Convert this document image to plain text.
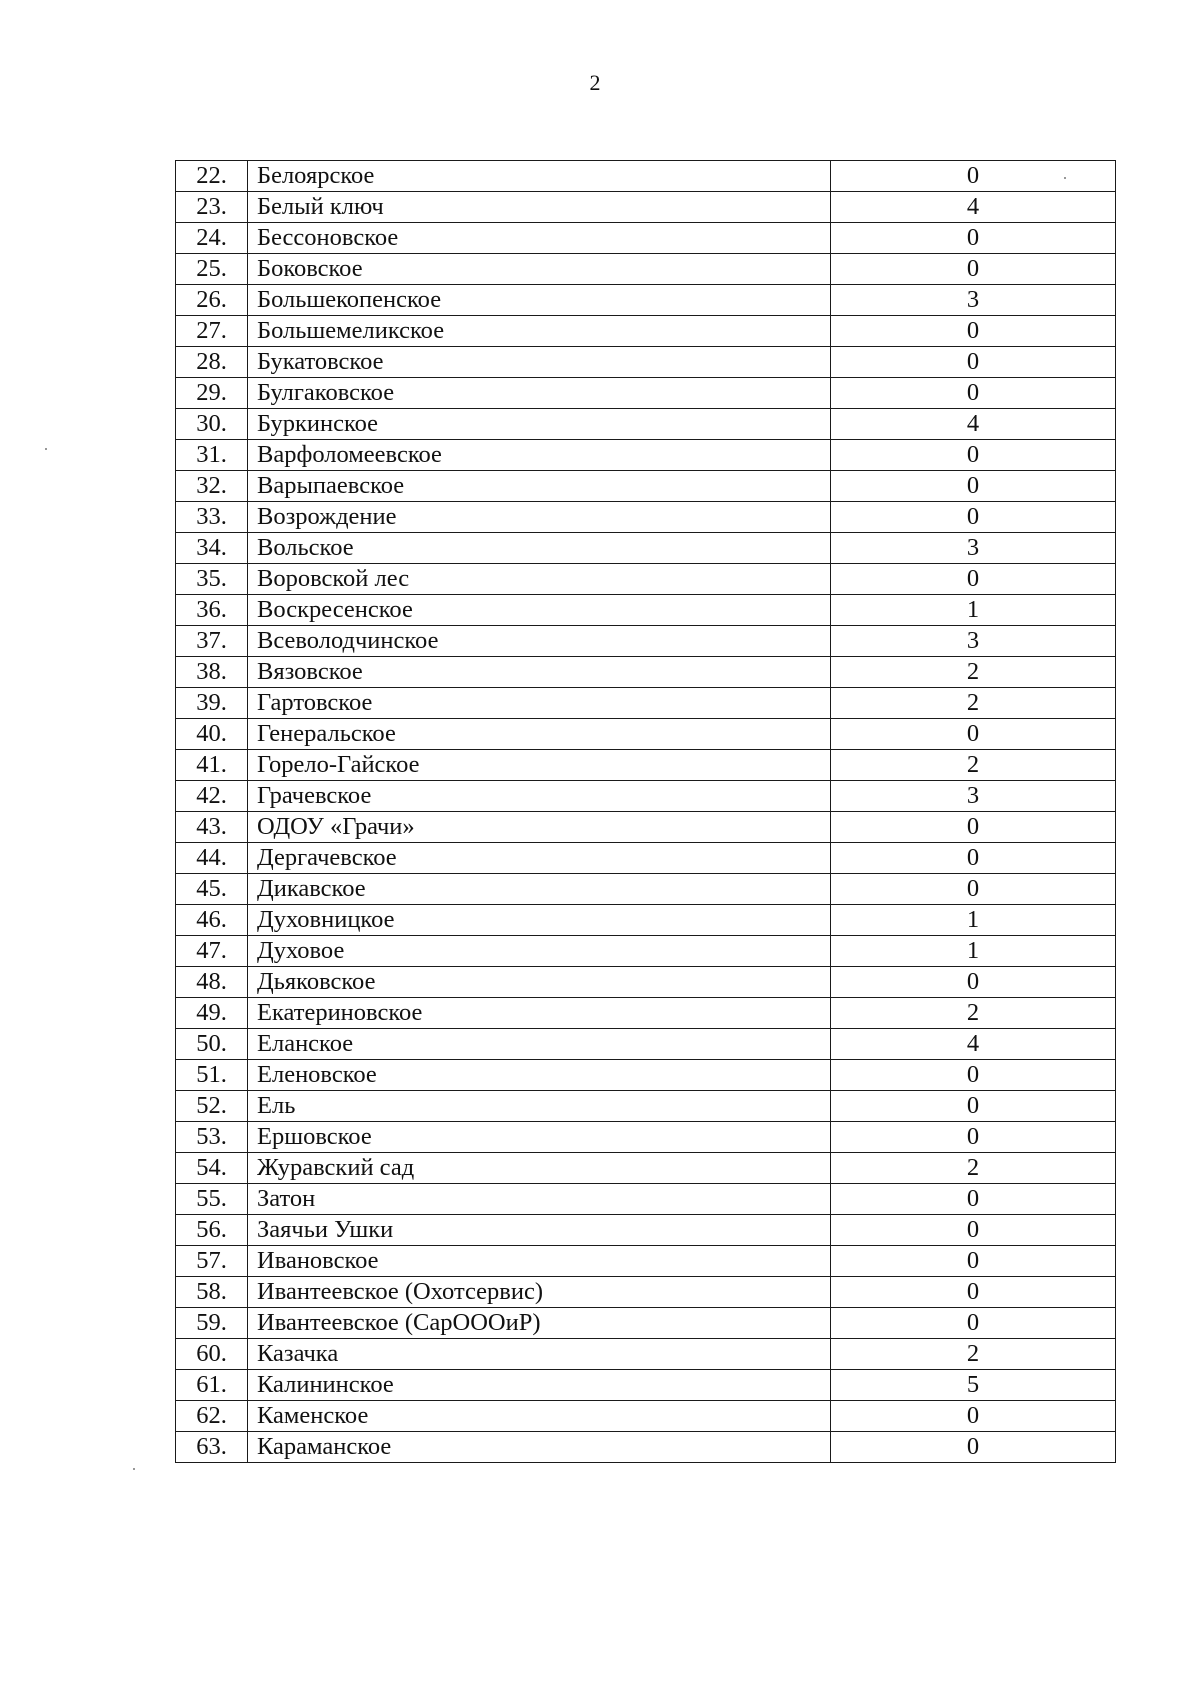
2
22.	Белоярское	0
23.	Белый ключ	4
24.	Бессоновское	0
25.	Боковское	0
26.	Большекопенское	3
27.	Большемеликское	0
28.	Букатовское	0
29.	Булгаковское	0
30.	Буркинское	4
31.	Варфоломеевское	0
32.	Варыпаевское	0
33.	Возрождение	0
34.	Вольское	3
35.	Воровской лес	0
36.	Воскресенское	1
37.	Всеволодчинское	3
38.	Вязовское	2
39.	Гартовское	2
40.	Генеральское	0
41.	Горело-Гайское	2
42.	Грачевское	3
43.	ОДОУ «Грачи»	0
44.	Дергачевское	0
45.	Дикавское	0
46.	Духовницкое	1
47.	Духовое	1
48.	Дьяковское	0
49.	Екатериновское	2
50.	Еланское	4
51.	Еленовское	0
52.	Ель	0
53.	Ершовское	0
54.	Журавский сад	2
55.	Затон	0
56.	Заячьи Ушки	0
57.	Ивановское	0
58.	Ивантеевское (Охотсервис)	0
59.	Ивантеевское (СарОООиР)	0
60.	Казачка	2
61.	Калининское	5
62.	Каменское	0
63.	Караманское	0
